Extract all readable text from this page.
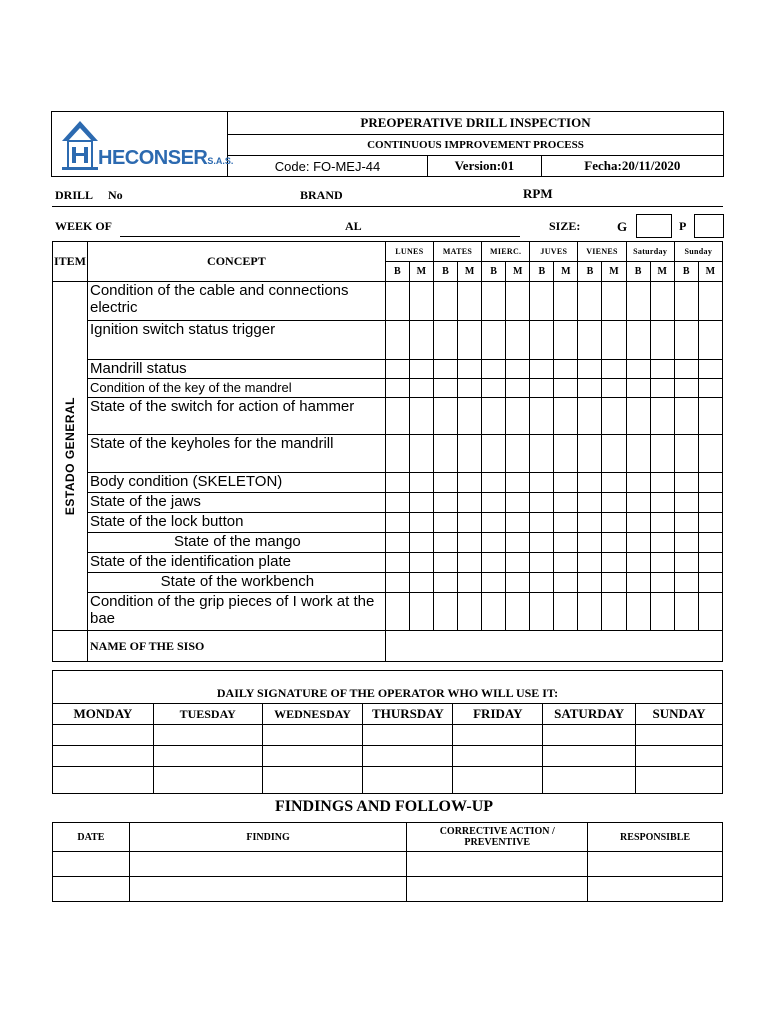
HECONSERS.A.S.	PREOPERATIVE DRILL INSPECTION		
	CONTINUOUS IMPROVEMENT PROCESS		
	Code: FO-MEJ-44	Version:01	Fecha:20/11/2020
DRILL No	BRAND	RPM
WEEK OF	AL	SIZE:	G	P
ITEM	CONCEPT	LUNES		MATES		MIERC.		JUVES		VIENES		Saturday		Sunday	
		B	M	B	M	B	M	B	M	B	M	B	M	B	M

ESTADO GENERAL	Condition of the cable and connections electric														
	Ignition switch status trigger														
	Mandrill status														
	Condition of the key of the mandrel														
	State of the switch for action of hammer														
	State of the keyholes for the mandrill														
	Body condition (SKELETON)														
	State of the jaws														
	State of the lock button														
	State of the mango														
	State of the identification plate														
	State of the workbench														
	Condition of the grip pieces of I work at the bae														
	NAME OF THE SISO														
DAILY SIGNATURE OF THE OPERATOR WHO WILL USE IT:						
MONDAY	TUESDAY	WEDNESDAY	THURSDAY	FRIDAY	SATURDAY	SUNDAY

FINDINGS AND FOLLOW-UP
DATE	FINDING	CORRECTIVE ACTION / PREVENTIVE	RESPONSIBLE
